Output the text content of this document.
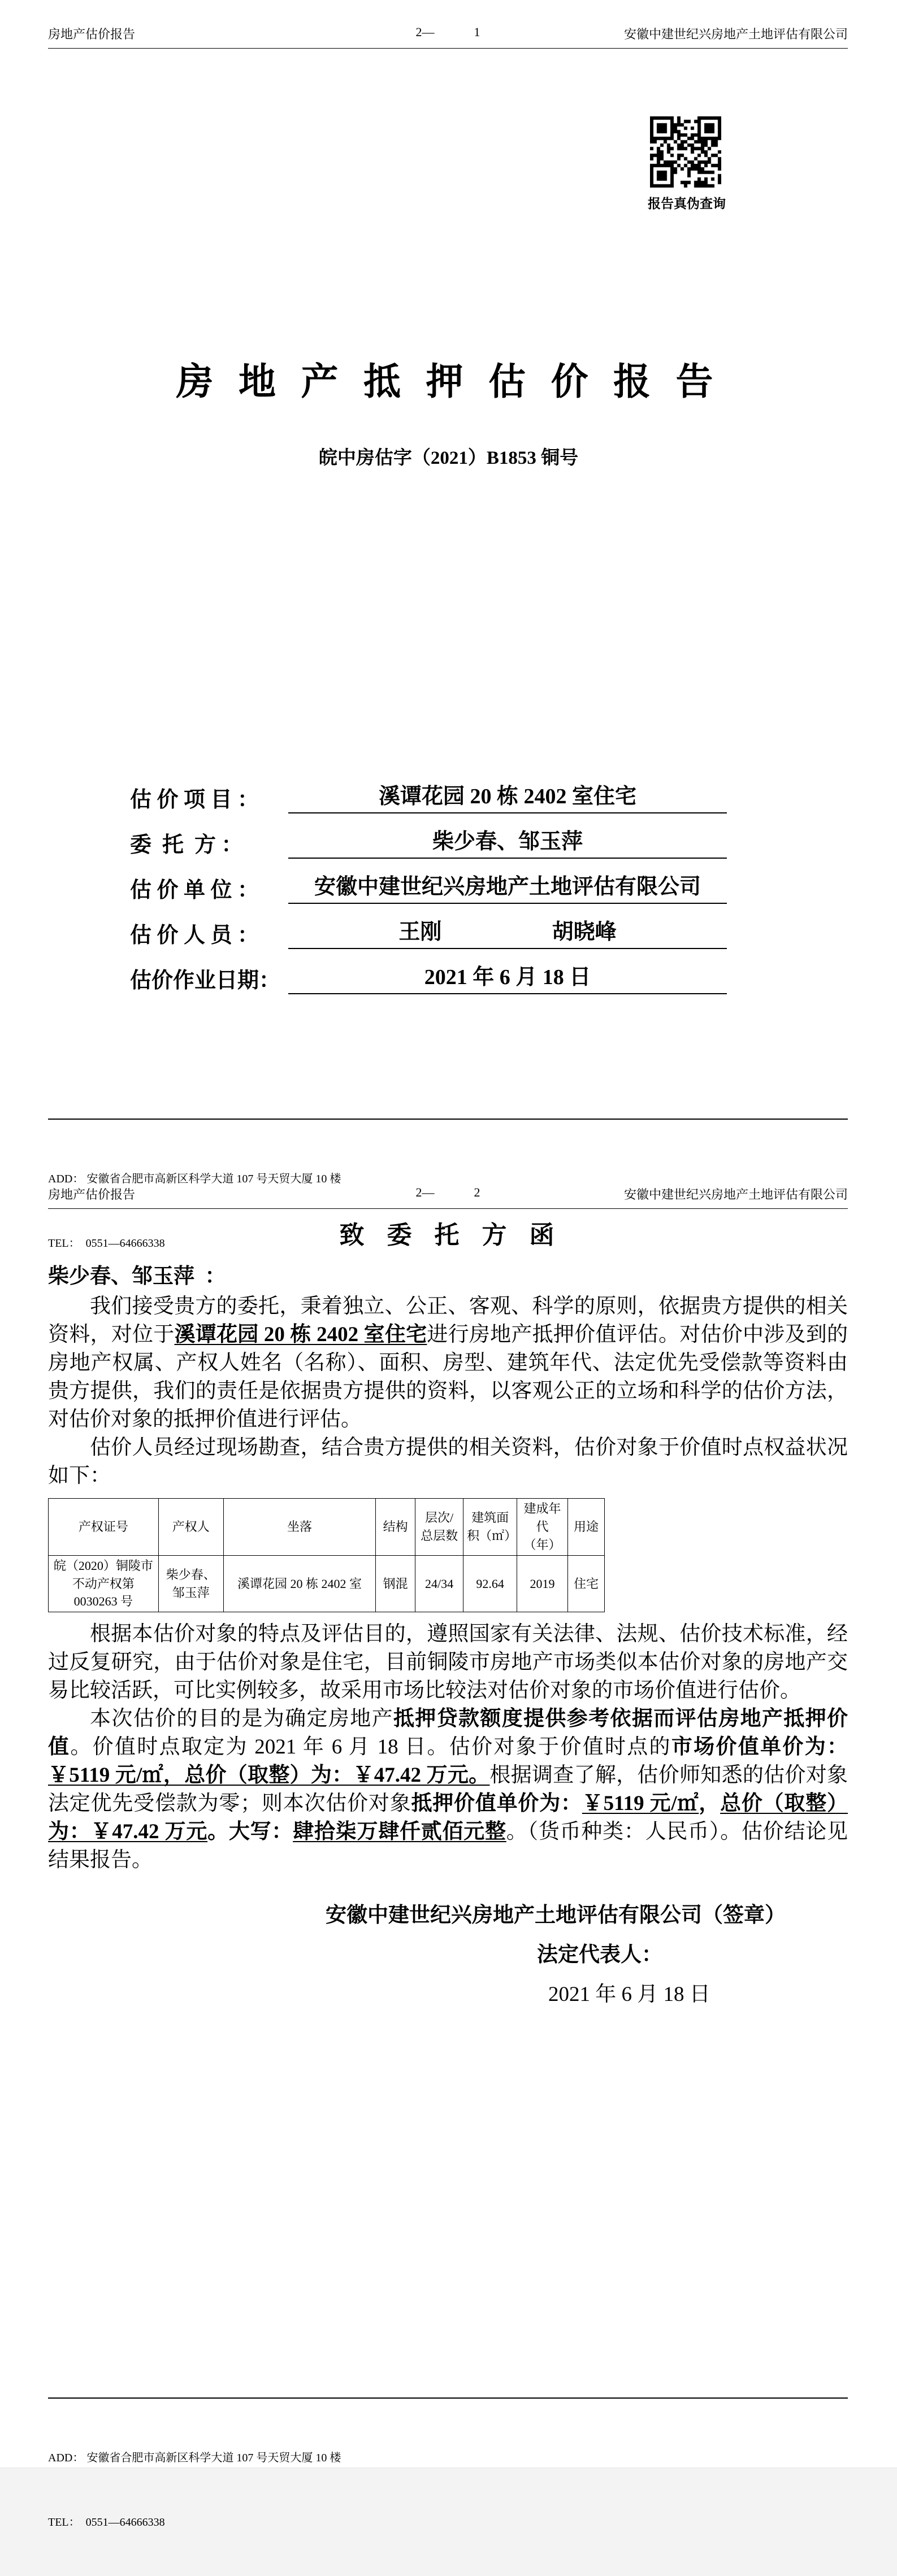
房地产估价报告	2—	1	安徽中建世纪兴房地产土地评估有限公司
报告真伪查询
房 地 产 抵 押 估 价 报 告
皖中房估字（2021）B1853 铜号
估 价 项 目 ：	溪谭花园 20 栋 2402 室住宅
委  托  方 ：	柴少春、邹玉萍
估 价 单 位 ：	安徽中建世纪兴房地产土地评估有限公司
估 价 人 员 ：	王刚	胡晓峰
估价作业日期：	2021 年 6 月 18 日

ADD： 安徽省合肥市高新区科学大道 107 号天贸大厦 10 楼

TEL：  0551—64666338

房地产估价报告	2—	2	安徽中建世纪兴房地产土地评估有限公司
致  委  托  方  函
柴少春、邹玉萍  ：

我们接受贵方的委托，秉着独立、公正、客观、科学的原则，依据贵方提供的相关资料，对位于溪谭花园 20 栋 2402 室住宅进行房地产抵押价值评估。对估价中涉及到的房地产权属、产权人姓名（名称）、面积、房型、建筑年代、法定优先受偿款等资料由贵方提供，我们的责任是依据贵方提供的资料，以客观公正的立场和科学的估价方法，对估价对象的抵押价值进行评估。

估价人员经过现场勘查，结合贵方提供的相关资料，估价对象于价值时点权益状况如下：

产权证号	产权人	坐落	结构	层次/总层数	建筑面积（㎡）	建成年代（年）	用途
皖（2020）铜陵市不动产权第 0030263 号	柴少春、邹玉萍	溪谭花园 20 栋 2402 室	钢混	24/34	92.64	2019	住宅

根据本估价对象的特点及评估目的，遵照国家有关法律、法规、估价技术标准，经过反复研究，由于估价对象是住宅，目前铜陵市房地产市场类似本估价对象的房地产交易比较活跃，可比实例较多，故采用市场比较法对估价对象的市场价值进行估价。

本次估价的目的是为确定房地产抵押贷款额度提供参考依据而评估房地产抵押价值。价值时点取定为 2021 年 6 月 18 日。估价对象于价值时点的市场价值单价为：￥5119 元/㎡，总价（取整）为：￥47.42 万元。根据调查了解，估价师知悉的估价对象法定优先受偿款为零；则本次估价对象抵押价值单价为：￥5119 元/㎡，总价（取整）为：￥47.42 万元。大写：肆拾柒万肆仟贰佰元整。（货币种类：人民币）。估价结论见结果报告。

安徽中建世纪兴房地产土地评估有限公司（签章）
法定代表人：
2021 年 6 月 18 日

ADD： 安徽省合肥市高新区科学大道 107 号天贸大厦 10 楼

TEL：  0551—64666338
